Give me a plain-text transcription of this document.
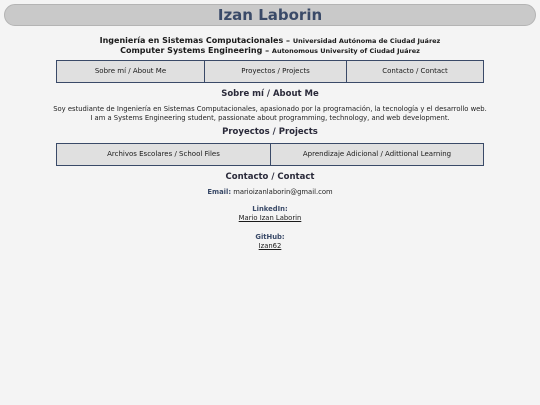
Izan Laborin
Ingeniería en Sistemas Computacionales – Universidad Autónoma de Ciudad Juárez
Computer Systems Engineering – Autonomous University of Ciudad Juárez
Sobre mí / About Me	Proyectos / Projects	Contacto / Contact
Sobre mí / About Me
Soy estudiante de Ingeniería en Sistemas Computacionales, apasionado por la programación, la tecnología y el desarrollo web.
I am a Systems Engineering student, passionate about programming, technology, and web development.
Proyectos / Projects
Archivos Escolares / School Files	Aprendizaje Adicional / Adittional Learning
Contacto / Contact
Email: marioizanlaborin@gmail.com
LinkedIn:
Mario Izan Laborin
GitHub:
Izan62
